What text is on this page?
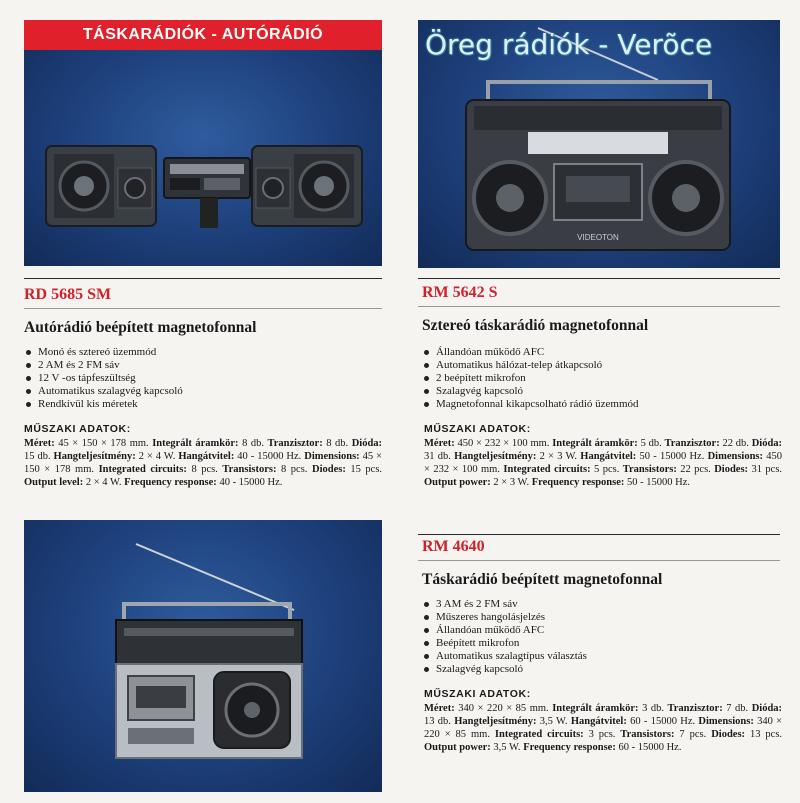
TÁSKARÁDIÓK - AUTÓRÁDIÓ
VIDEOTON
Öreg rádiók - Verõce
RD 5685 SM
Autórádió beépített magnetofonnal
Monó és sztereó üzemmód
2 AM és 2 FM sáv
12 V -os tápfeszültség
Automatikus szalagvég kapcsoló
Rendkívül kis méretek
MŰSZAKI ADATOK:
Méret: 45 × 150 × 178 mm. Integrált áramkör: 8 db. Tranzisztor: 8 db. Dióda: 15 db. Hangteljesítmény: 2 × 4 W. Hangátvitel: 40 - 15000 Hz. Dimensions: 45 × 150 × 178 mm. Integrated circuits: 8 pcs. Transistors: 8 pcs. Diodes: 15 pcs. Output level: 2 × 4 W. Frequency response: 40 - 15000 Hz.
RM 5642 S
Sztereó táskarádió magnetofonnal
Állandóan működő AFC
Automatikus hálózat-telep átkapcsoló
2 beépített mikrofon
Szalagvég kapcsoló
Magnetofonnal kikapcsolható rádió üzemmód
MŰSZAKI ADATOK:
Méret: 450 × 232 × 100 mm. Integrált áramkör: 5 db. Tranzisztor: 22 db. Dióda: 31 db. Hangteljesítmény: 2 × 3 W. Hangátvitel: 50 - 15000 Hz. Dimensions: 450 × 232 × 100 mm. Integrated circuits: 5 pcs. Transistors: 22 pcs. Diodes: 31 pcs. Output power: 2 × 3 W. Frequency response: 50 - 15000 Hz.
RM 4640
Táskarádió beépített magnetofonnal
3 AM és 2 FM sáv
Műszeres hangolásjelzés
Állandóan működő AFC
Beépített mikrofon
Automatikus szalagtípus választás
Szalagvég kapcsoló
MŰSZAKI ADATOK:
Méret: 340 × 220 × 85 mm. Integrált áramkör: 3 db. Tranzisztor: 7 db. Dióda: 13 db. Hangteljesítmény: 3,5 W. Hangátvitel: 60 - 15000 Hz. Dimensions: 340 × 220 × 85 mm. Integrated circuits: 3 pcs. Transistors: 7 pcs. Diodes: 13 pcs. Output power: 3,5 W. Frequency response: 60 - 15000 Hz.
